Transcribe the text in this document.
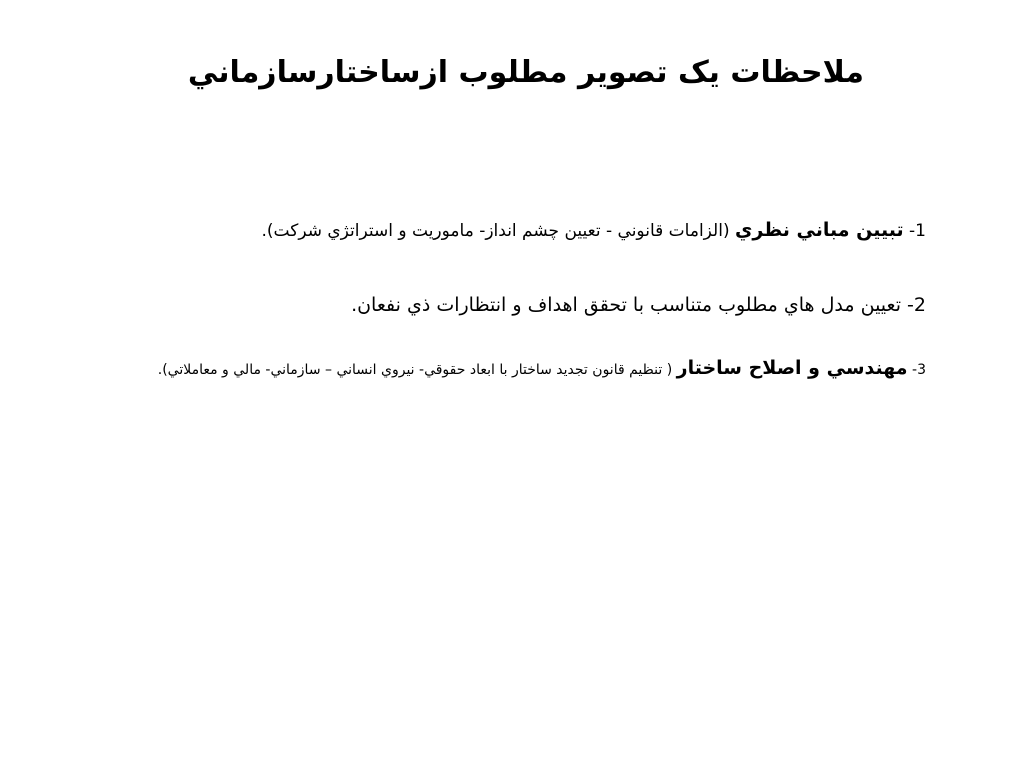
ملاحظات يک تصوير مطلوب ازساختارسازماني

1- تبيين مباني نظري (الزامات قانوني - تعيين چشم انداز- ماموريت و استراتژي شركت).

2- تعيين مدل هاي مطلوب متناسب با تحقق اهداف و انتظارات ذي نفعان.

3- مهندسي و اصلاح ساختار ( تنظيم قانون تجديد ساختار با ابعاد حقوقي- نيروي انساني – سازماني- مالي و معاملاتي).
